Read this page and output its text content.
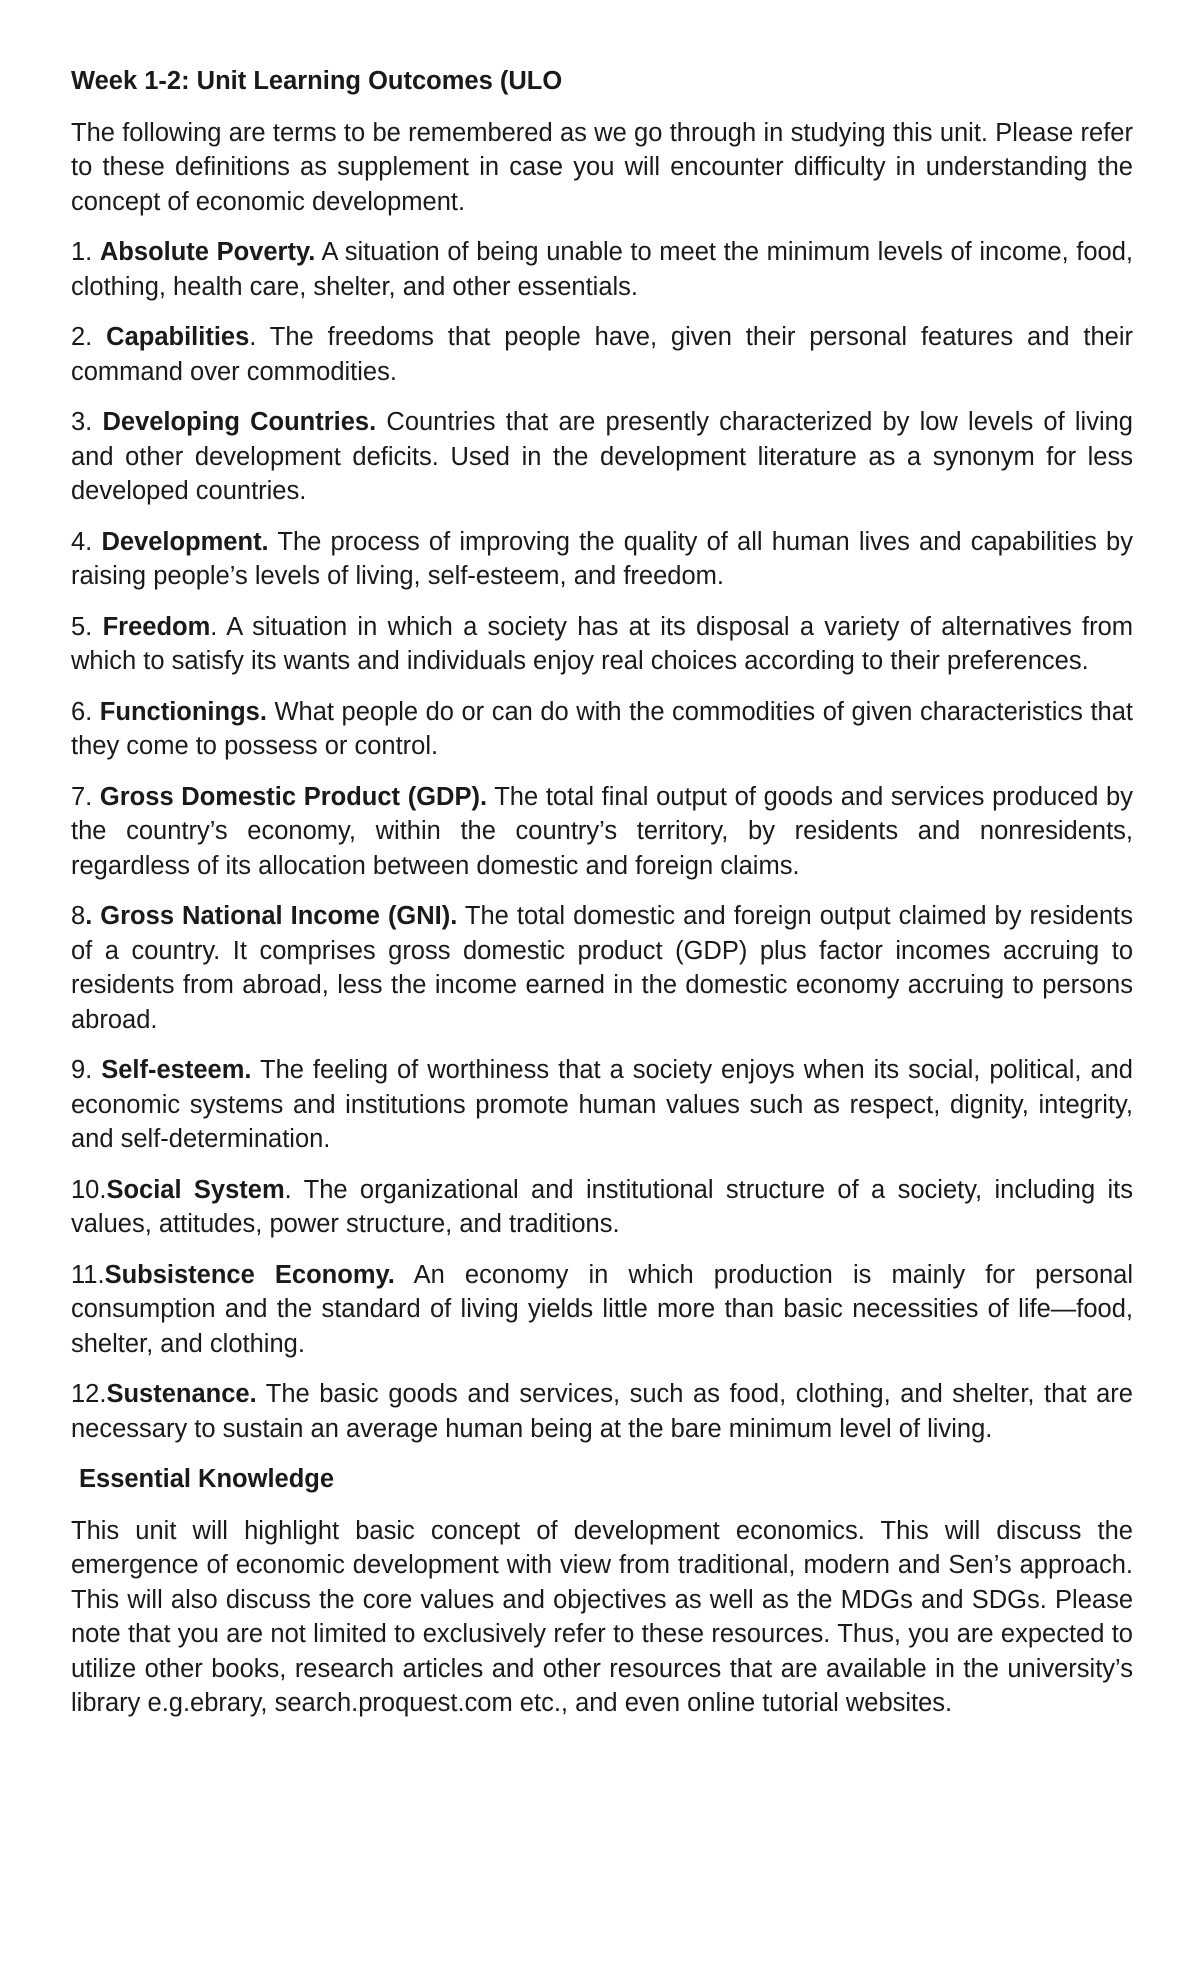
Week 1-2: Unit Learning Outcomes (ULO

The following are terms to be remembered as we go through in studying this unit. Please refer to these definitions as supplement in case you will encounter difficulty in understanding the concept of economic development.

1. Absolute Poverty. A situation of being unable to meet the minimum levels of income, food, clothing, health care, shelter, and other essentials.

2. Capabilities. The freedoms that people have, given their personal features and their command over commodities.

3. Developing Countries. Countries that are presently characterized by low levels of living and other development deficits. Used in the development literature as a synonym for less developed countries.

4. Development. The process of improving the quality of all human lives and capabilities by raising people’s levels of living, self-esteem, and freedom.

5. Freedom. A situation in which a society has at its disposal a variety of alternatives from which to satisfy its wants and individuals enjoy real choices according to their preferences.

6. Functionings. What people do or can do with the commodities of given characteristics that they come to possess or control.

7. Gross Domestic Product (GDP). The total final output of goods and services produced by the country’s economy, within the country’s territory, by residents and nonresidents, regardless of its allocation between domestic and foreign claims.

8. Gross National Income (GNI). The total domestic and foreign output claimed by residents of a country. It comprises gross domestic product (GDP) plus factor incomes accruing to residents from abroad, less the income earned in the domestic economy accruing to persons abroad.

9. Self-esteem. The feeling of worthiness that a society enjoys when its social, political, and economic systems and institutions promote human values such as respect, dignity, integrity, and self-determination.

10.Social System. The organizational and institutional structure of a society, including its values, attitudes, power structure, and traditions.

11.Subsistence Economy. An economy in which production is mainly for personal consumption and the standard of living yields little more than basic necessities of life—food, shelter, and clothing.

12.Sustenance. The basic goods and services, such as food, clothing, and shelter, that are necessary to sustain an average human being at the bare minimum level of living.

Essential Knowledge

This unit will highlight basic concept of development economics. This will discuss the emergence of economic development with view from traditional, modern and Sen’s approach. This will also discuss the core values and objectives as well as the MDGs and SDGs. Please note that you are not limited to exclusively refer to these resources. Thus, you are expected to utilize other books, research articles and other resources that are available in the university’s library e.g.ebrary, search.proquest.com etc., and even online tutorial websites.
